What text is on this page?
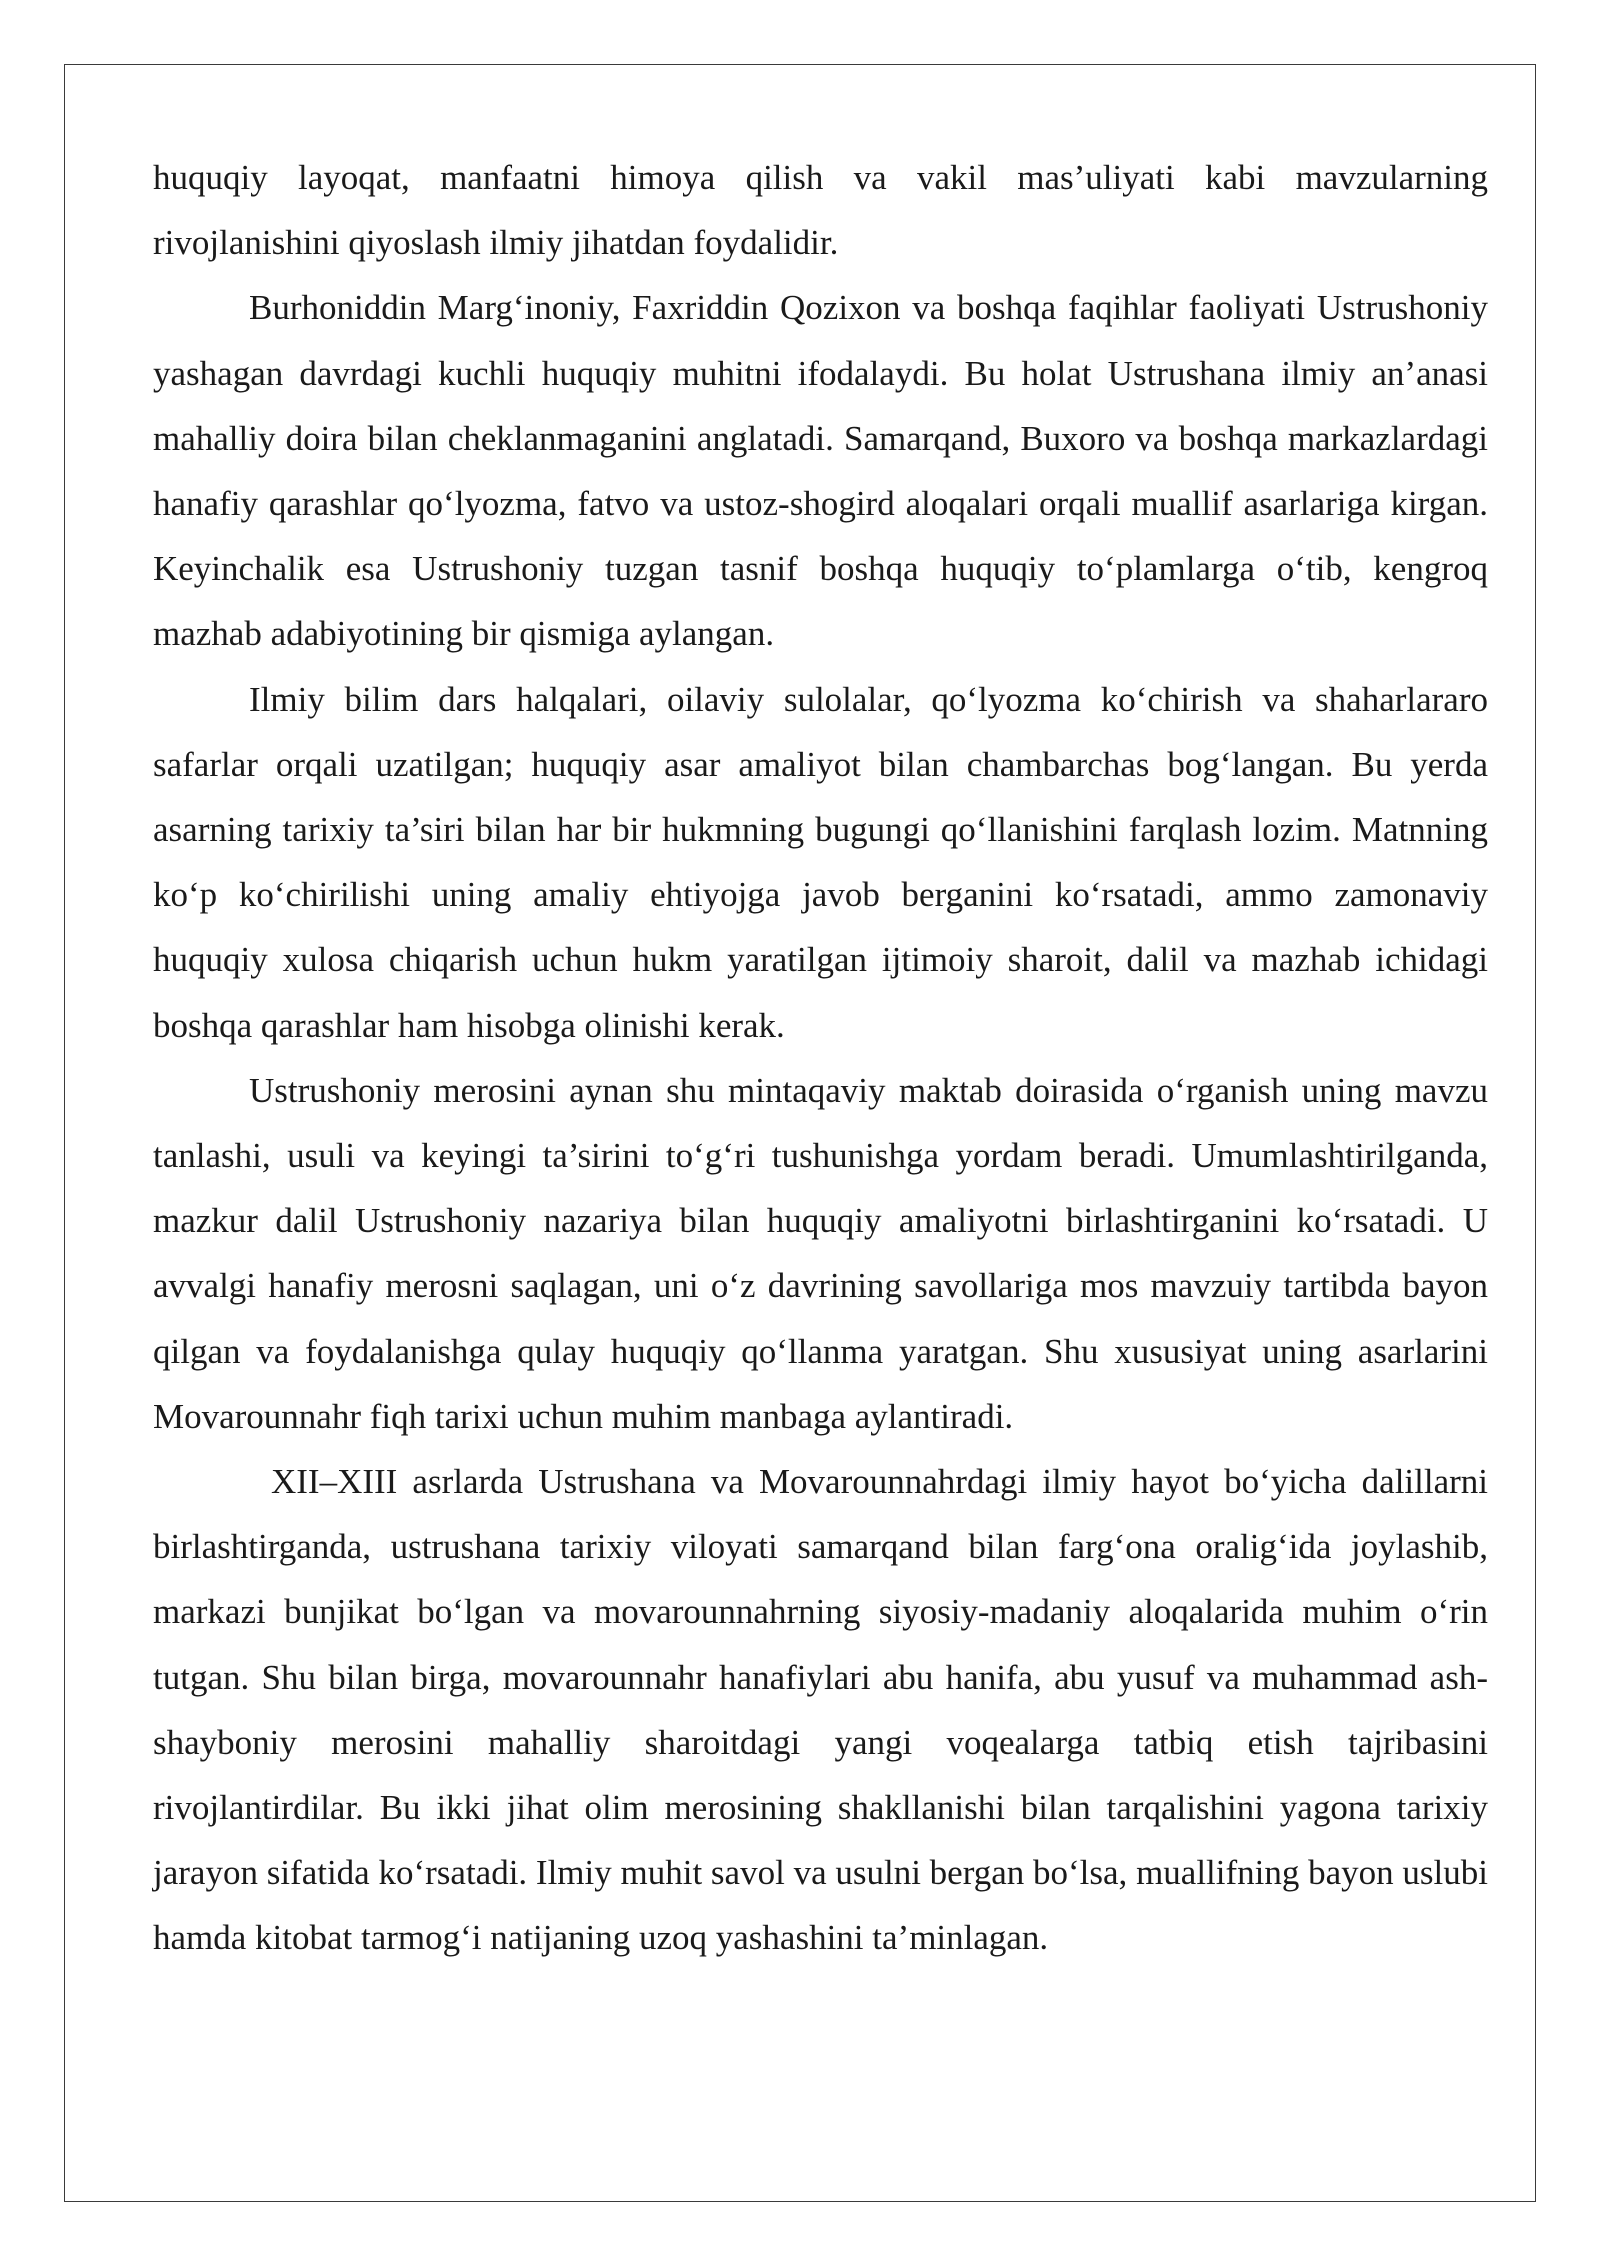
huquqiy layoqat, manfaatni himoya qilish va vakil mas’uliyati kabi mavzularning rivojlanishini qiyoslash ilmiy jihatdan foydalidir.

Burhoniddin Marg‘inoniy, Faxriddin Qozixon va boshqa faqihlar faoliyati Ustrushoniy yashagan davrdagi kuchli huquqiy muhitni ifodalaydi. Bu holat Ustrushana ilmiy an’anasi mahalliy doira bilan cheklanmaganini anglatadi. Samarqand, Buxoro va boshqa markazlardagi hanafiy qarashlar qo‘lyozma, fatvo va ustoz-shogird aloqalari orqali muallif asarlariga kirgan. Keyinchalik esa Ustrushoniy tuzgan tasnif boshqa huquqiy to‘plamlarga o‘tib, kengroq mazhab adabiyotining bir qismiga aylangan.

Ilmiy bilim dars halqalari, oilaviy sulolalar, qo‘lyozma ko‘chirish va shaharlararo safarlar orqali uzatilgan; huquqiy asar amaliyot bilan chambarchas bog‘langan. Bu yerda asarning tarixiy ta’siri bilan har bir hukmning bugungi qo‘llanishini farqlash lozim. Matnning ko‘p ko‘chirilishi uning amaliy ehtiyojga javob berganini ko‘rsatadi, ammo zamonaviy huquqiy xulosa chiqarish uchun hukm yaratilgan ijtimoiy sharoit, dalil va mazhab ichidagi boshqa qarashlar ham hisobga olinishi kerak.

Ustrushoniy merosini aynan shu mintaqaviy maktab doirasida o‘rganish uning mavzu tanlashi, usuli va keyingi ta’sirini to‘g‘ri tushunishga yordam beradi. Umumlashtirilganda, mazkur dalil Ustrushoniy nazariya bilan huquqiy amaliyotni birlashtirganini ko‘rsatadi. U avvalgi hanafiy merosni saqlagan, uni o‘z davrining savollariga mos mavzuiy tartibda bayon qilgan va foydalanishga qulay huquqiy qo‘llanma yaratgan. Shu xususiyat uning asarlarini Movarounnahr fiqh tarixi uchun muhim manbaga aylantiradi.

XII–XIII asrlarda Ustrushana va Movarounnahrdagi ilmiy hayot bo‘yicha dalillarni birlashtirganda, ustrushana tarixiy viloyati samarqand bilan farg‘ona oralig‘ida joylashib, markazi bunjikat bo‘lgan va movarounnahrning siyosiy-madaniy aloqalarida muhim o‘rin tutgan. Shu bilan birga, movarounnahr hanafiylari abu hanifa, abu yusuf va muhammad ash-shayboniy merosini mahalliy sharoitdagi yangi voqealarga tatbiq etish tajribasini rivojlantirdilar. Bu ikki jihat olim merosining shakllanishi bilan tarqalishini yagona tarixiy jarayon sifatida ko‘rsatadi. Ilmiy muhit savol va usulni bergan bo‘lsa, muallifning bayon uslubi hamda kitobat tarmog‘i natijaning uzoq yashashini ta’minlagan.
